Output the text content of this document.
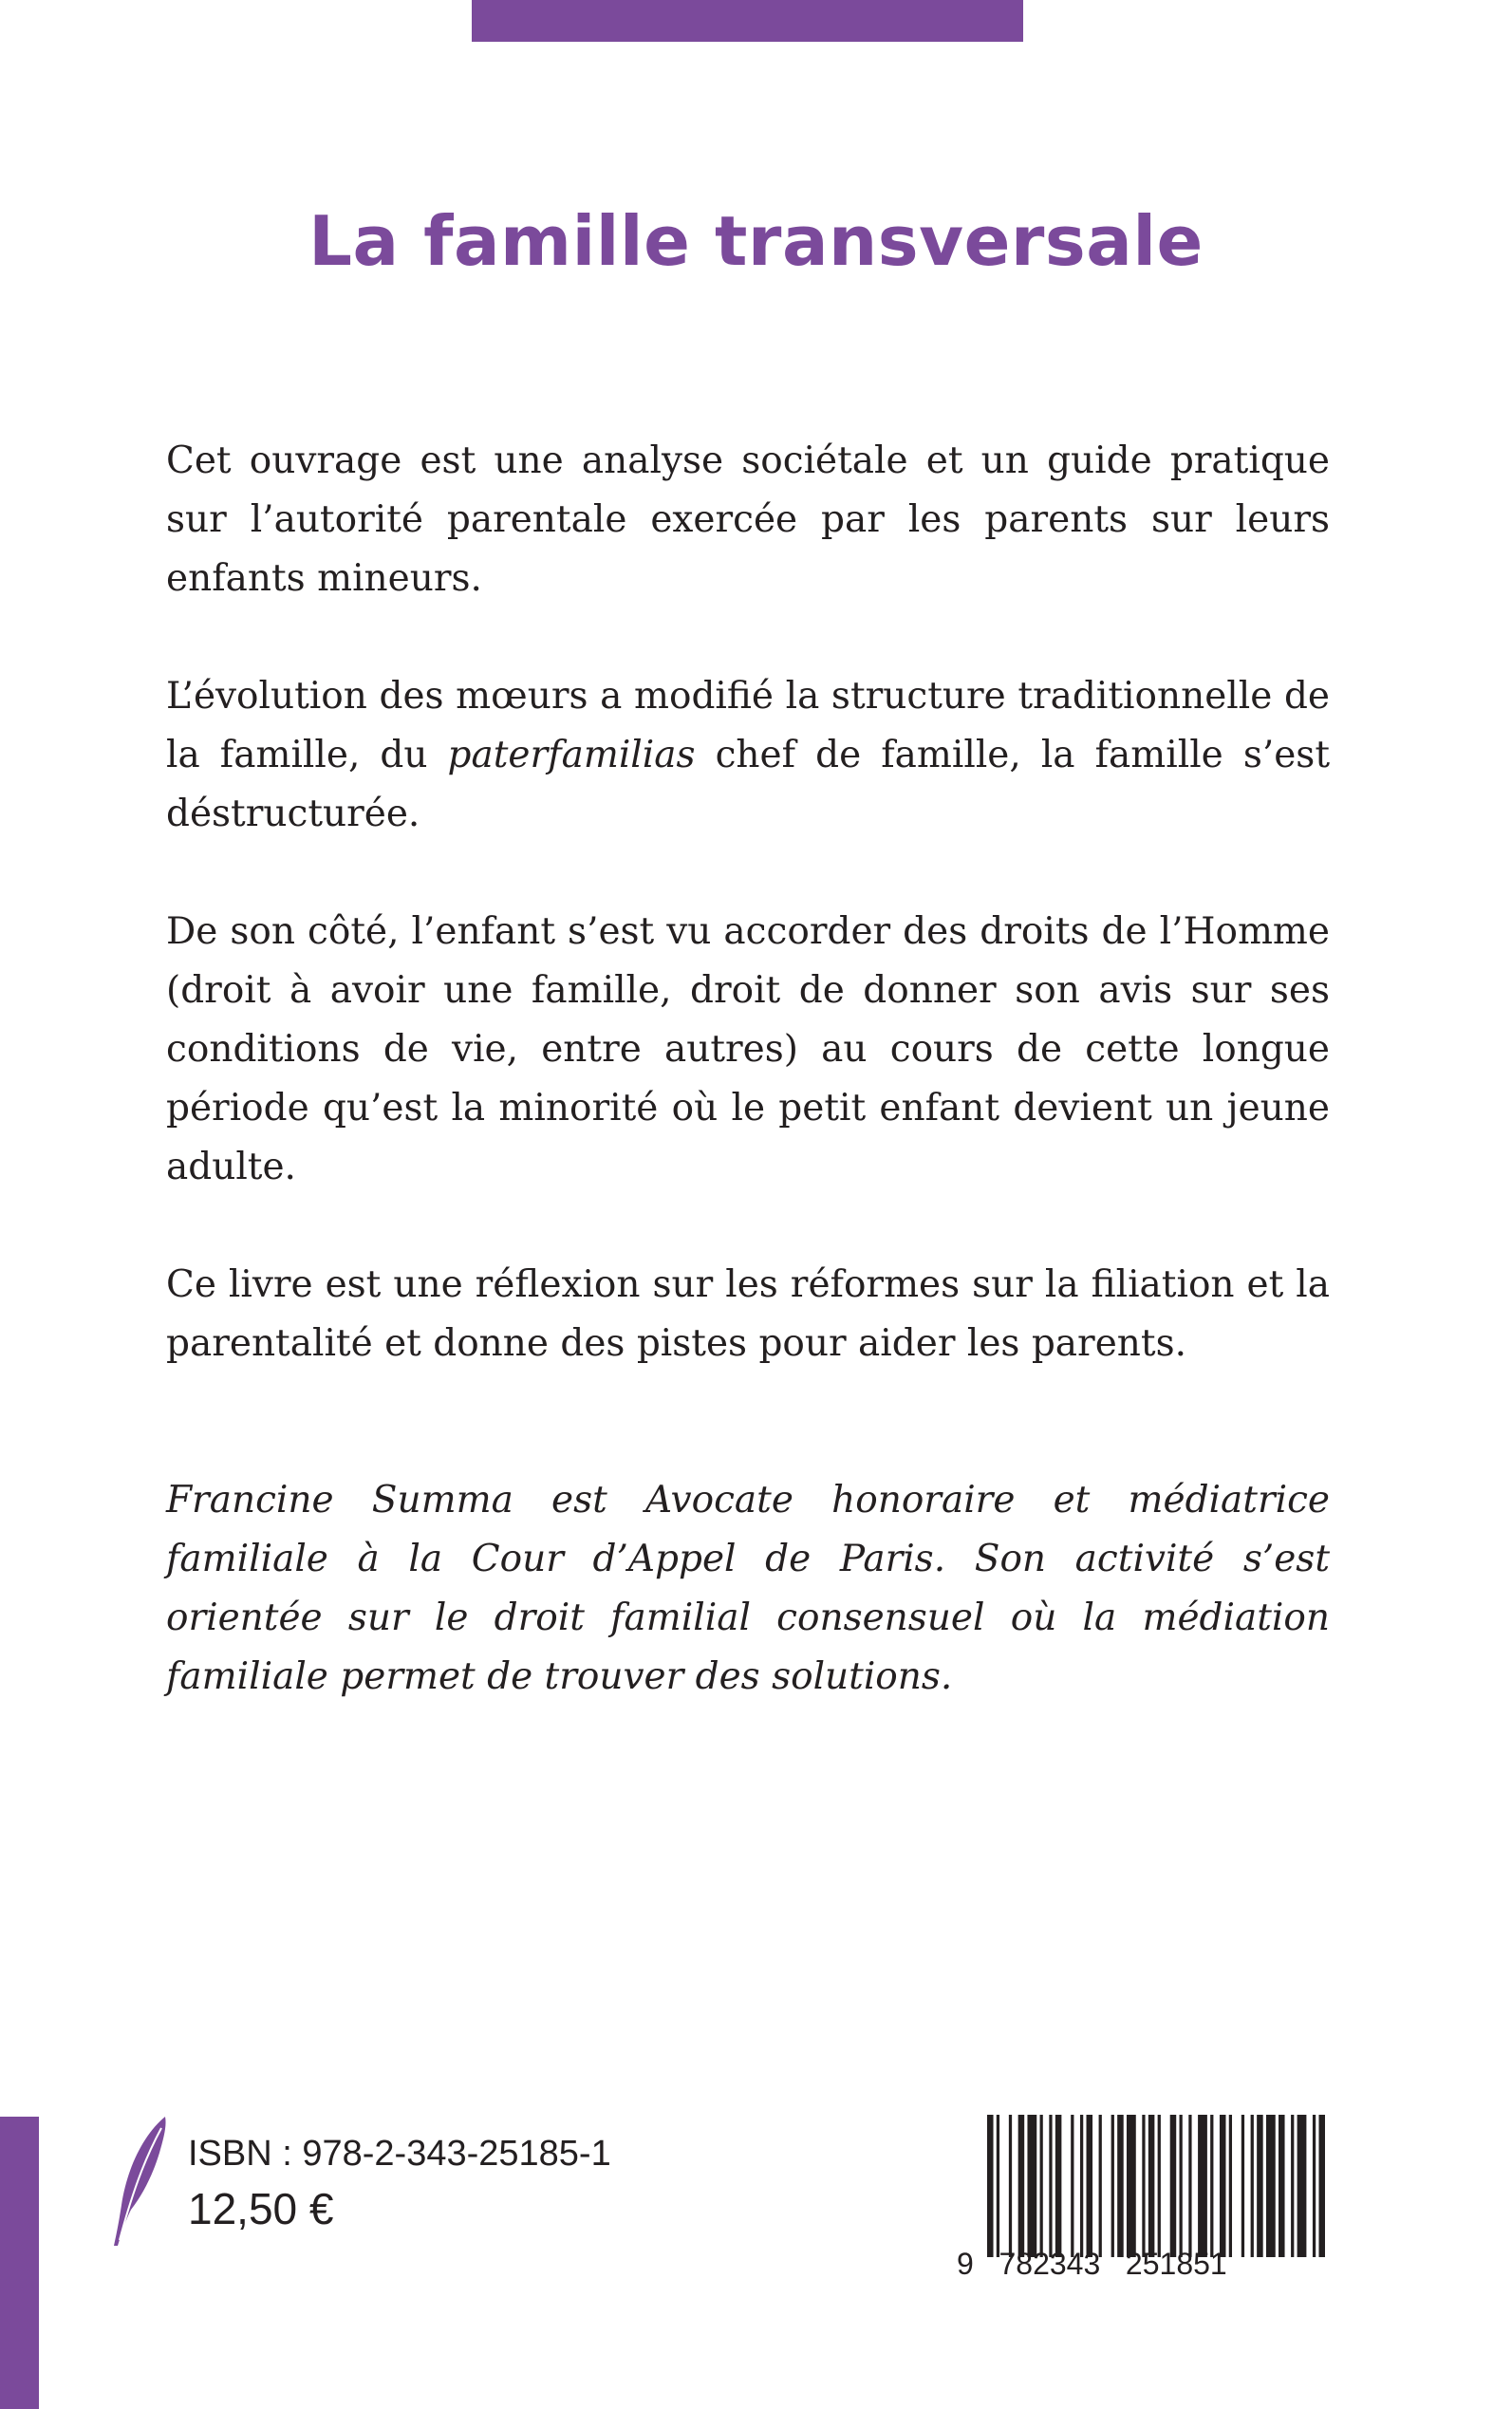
La famille transversale

Cet ouvrage est une analyse sociétale et un guide pratique sur l’autorité parentale exercée par les parents sur leurs enfants mineurs.

L’évolution des mœurs a modifié la structure traditionnelle de la famille, du paterfamilias chef de famille, la famille s’est déstructurée.

De son côté, l’enfant s’est vu accorder des droits de l’Homme (droit à avoir une famille, droit de donner son avis sur ses conditions de vie, entre autres) au cours de cette longue période qu’est la minorité où le petit enfant devient un jeune adulte.

Ce livre est une réflexion sur les réformes sur la filiation et la parentalité et donne des pistes pour aider les parents.

Francine Summa est Avocate honoraire et médiatrice familiale à la Cour d’Appel de Paris. Son activité s’est orientée sur le droit familial consensuel où la médiation familiale permet de trouver des solutions.

ISBN : 978-2-343-25185-1
12,50 €
9   782343   251851
